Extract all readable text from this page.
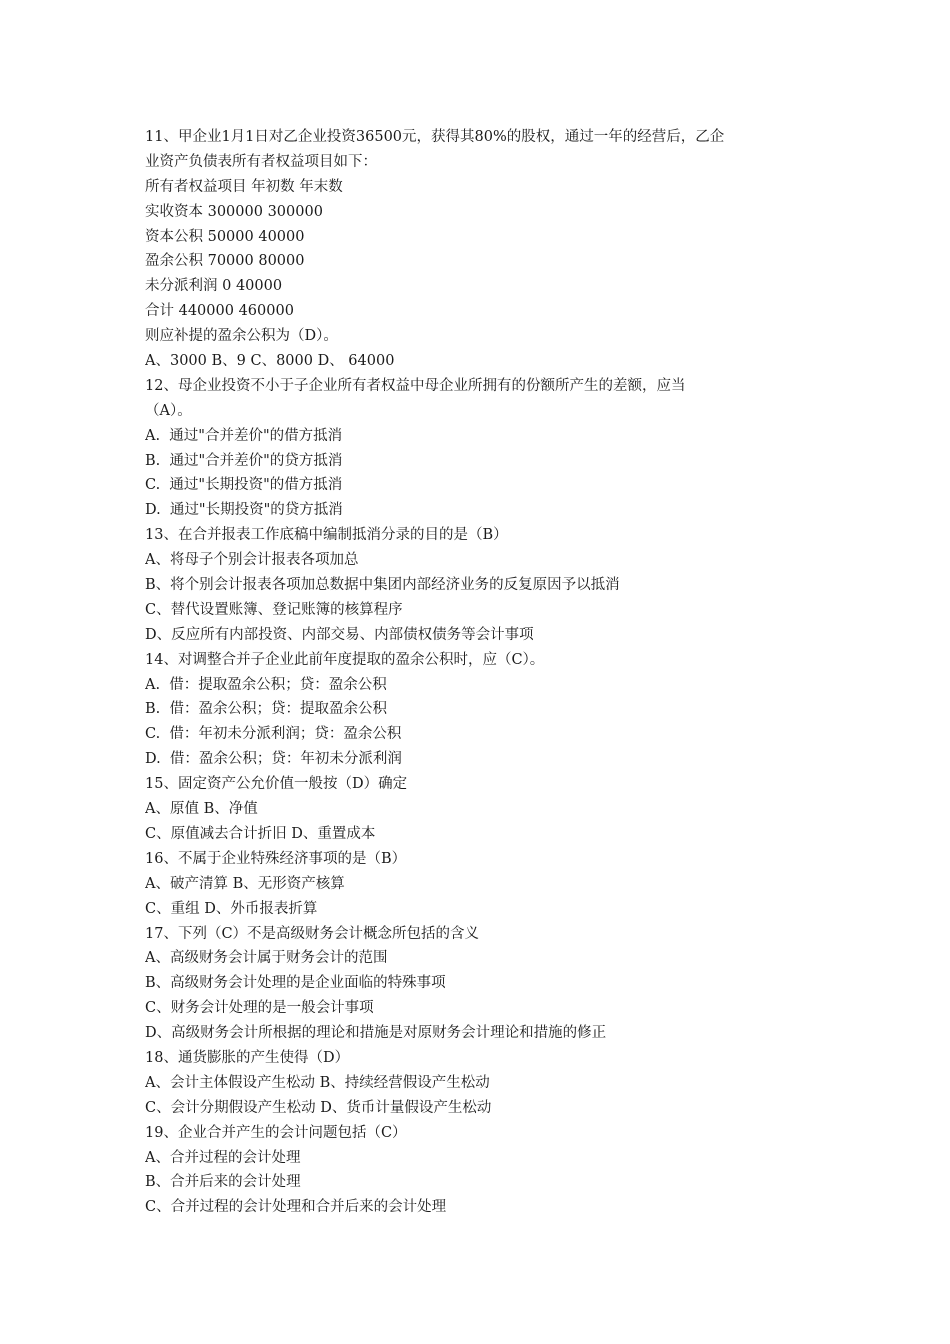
11、甲企业1月1日对乙企业投资36500元，获得其80%的股权，通过一年的经营后，乙企
业资产负债表所有者权益项目如下：
所有者权益项目 年初数 年末数
实收资本 300000 300000
资本公积 50000 40000
盈余公积 70000 80000
未分派利润 0 40000
合计 440000 460000
则应补提的盈余公积为（D）。
A、3000 B、9 C、8000 D、 64000
12、母企业投资不小于子企业所有者权益中母企业所拥有的份额所产生的差额，应当
（A）。
A.  通过"合并差价"的借方抵消
B.  通过"合并差价"的贷方抵消
C.  通过"长期投资"的借方抵消
D.  通过"长期投资"的贷方抵消
13、在合并报表工作底稿中编制抵消分录的目的是（B）
A、将母子个别会计报表各项加总
B、将个别会计报表各项加总数据中集团内部经济业务的反复原因予以抵消
C、替代设置账簿、登记账簿的核算程序
D、反应所有内部投资、内部交易、内部债权债务等会计事项
14、对调整合并子企业此前年度提取的盈余公积时，应（C）。
A.  借：提取盈余公积；贷：盈余公积
B.  借：盈余公积；贷：提取盈余公积
C.  借：年初未分派利润；贷：盈余公积
D.  借：盈余公积；贷：年初未分派利润
15、固定资产公允价值一般按（D）确定
A、原值 B、净值
C、原值减去合计折旧 D、重置成本
16、不属于企业特殊经济事项的是（B）
A、破产清算 B、无形资产核算
C、重组 D、外币报表折算
17、下列（C）不是高级财务会计概念所包括的含义
A、高级财务会计属于财务会计的范围
B、高级财务会计处理的是企业面临的特殊事项
C、财务会计处理的是一般会计事项
D、高级财务会计所根据的理论和措施是对原财务会计理论和措施的修正
18、通货膨胀的产生使得（D）
A、会计主体假设产生松动 B、持续经营假设产生松动
C、会计分期假设产生松动 D、货币计量假设产生松动
19、企业合并产生的会计问题包括（C）
A、合并过程的会计处理
B、合并后来的会计处理
C、合并过程的会计处理和合并后来的会计处理
